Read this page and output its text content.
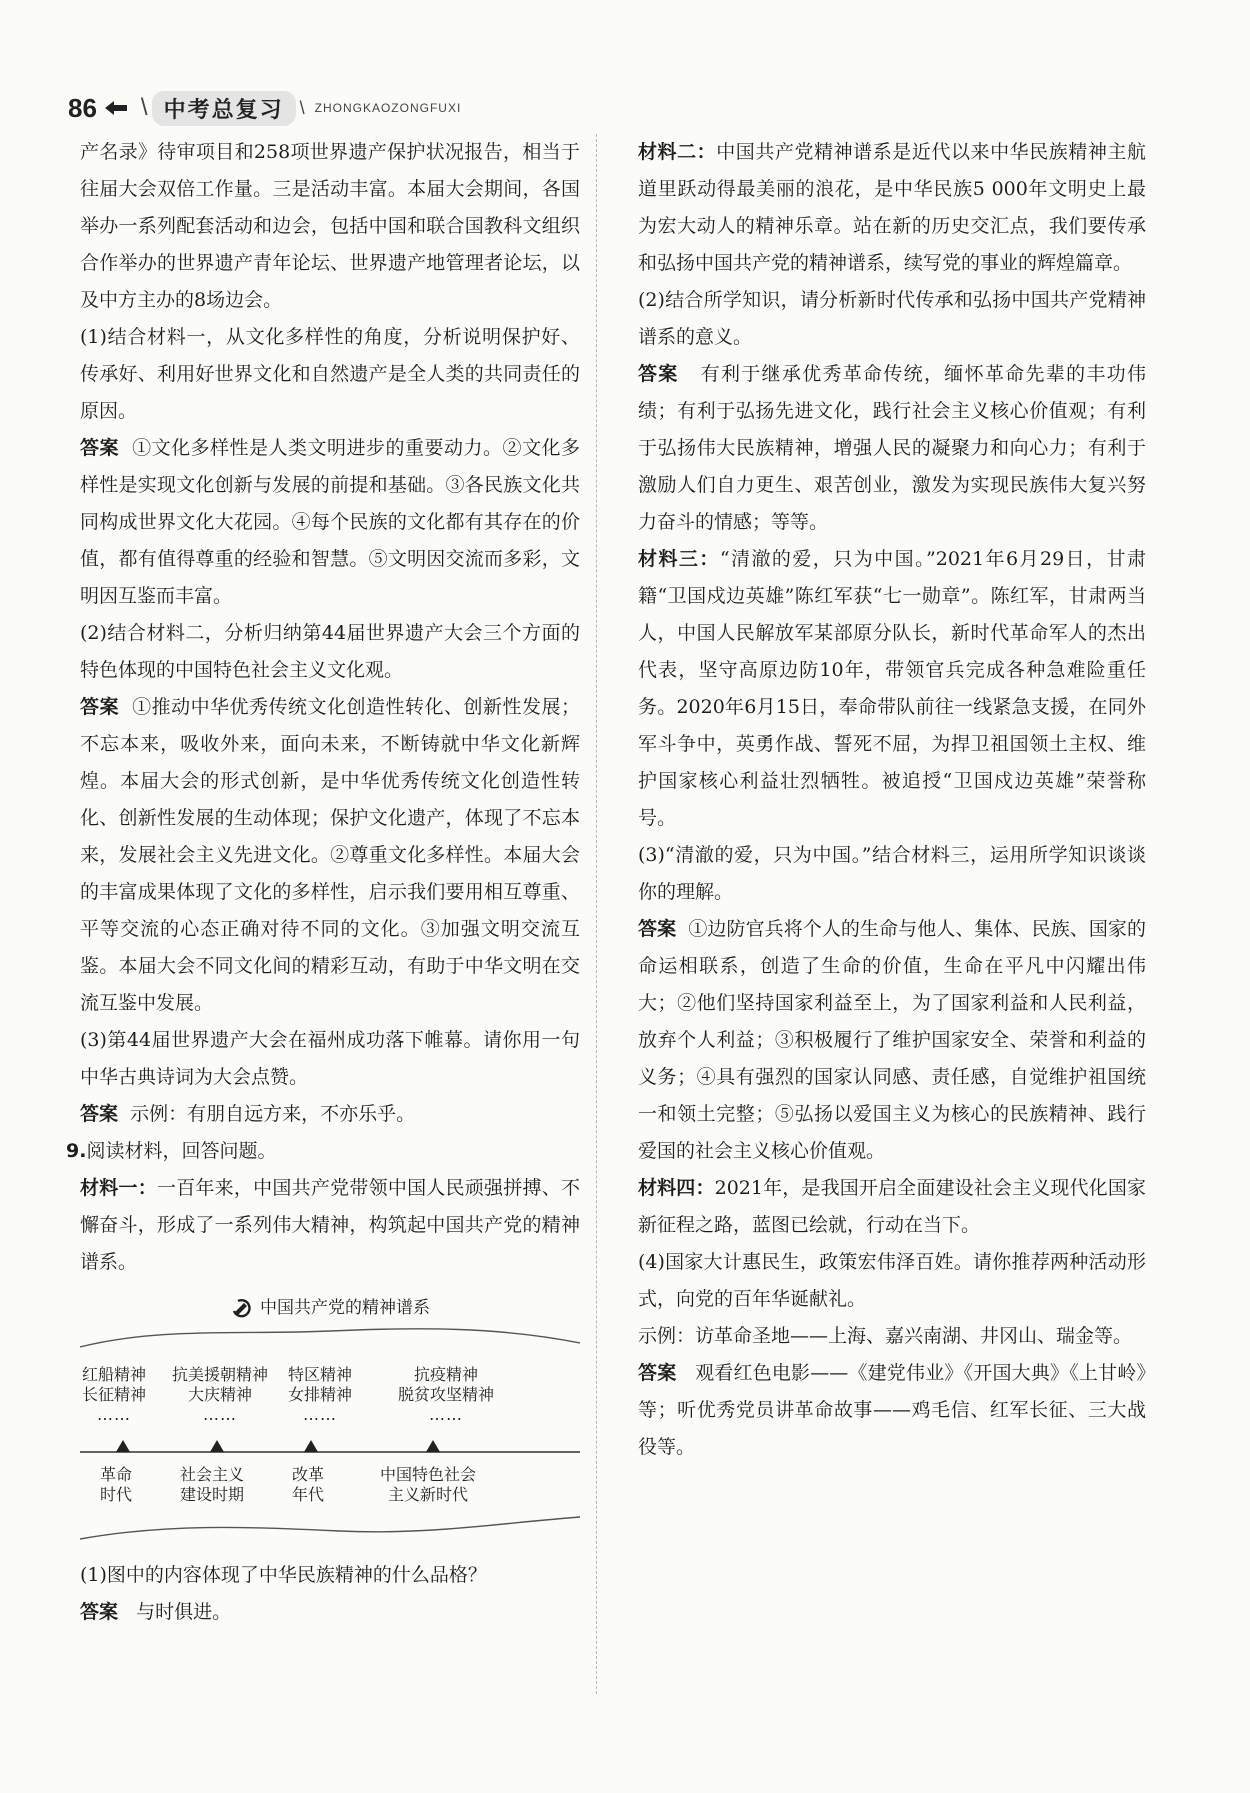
86 \ 中考总复习 \ ZHONGKAOZONGFUXI

产名录》待审项目和258项世界遗产保护状况报告，相当于往届大会双倍工作量。三是活动丰富。本届大会期间，各国举办一系列配套活动和边会，包括中国和联合国教科文组织合作举办的世界遗产青年论坛、世界遗产地管理者论坛，以及中方主办的8场边会。

(1)结合材料一，从文化多样性的角度，分析说明保护好、传承好、利用好世界文化和自然遗产是全人类的共同责任的原因。

答案 ①文化多样性是人类文明进步的重要动力。②文化多样性是实现文化创新与发展的前提和基础。③各民族文化共同构成世界文化大花园。④每个民族的文化都有其存在的价值，都有值得尊重的经验和智慧。⑤文明因交流而多彩，文明因互鉴而丰富。

(2)结合材料二，分析归纳第44届世界遗产大会三个方面的特色体现的中国特色社会主义文化观。

答案 ①推动中华优秀传统文化创造性转化、创新性发展；不忘本来，吸收外来，面向未来，不断铸就中华文化新辉煌。本届大会的形式创新，是中华优秀传统文化创造性转化、创新性发展的生动体现；保护文化遗产，体现了不忘本来，发展社会主义先进文化。②尊重文化多样性。本届大会的丰富成果体现了文化的多样性，启示我们要用相互尊重、平等交流的心态正确对待不同的文化。③加强文明交流互鉴。本届大会不同文化间的精彩互动，有助于中华文明在交流互鉴中发展。

(3)第44届世界遗产大会在福州成功落下帷幕。请你用一句中华古典诗词为大会点赞。

答案 示例：有朋自远方来，不亦乐乎。

9.阅读材料，回答问题。

材料一：一百年来，中国共产党带领中国人民顽强拼搏、不懈奋斗，形成了一系列伟大精神，构筑起中国共产党的精神谱系。

中国共产党的精神谱系
红船精神
长征精神
……
抗美援朝精神
大庆精神
……
特区精神
女排精神
……
抗疫精神
脱贫攻坚精神
……
革命
时代
社会主义
建设时期
改革
年代
中国特色社会
主义新时代

(1)图中的内容体现了中华民族精神的什么品格？

答案 与时俱进。

材料二：中国共产党精神谱系是近代以来中华民族精神主航道里跃动得最美丽的浪花，是中华民族5 000年文明史上最为宏大动人的精神乐章。站在新的历史交汇点，我们要传承和弘扬中国共产党的精神谱系，续写党的事业的辉煌篇章。

(2)结合所学知识，请分析新时代传承和弘扬中国共产党精神谱系的意义。

答案 有利于继承优秀革命传统，缅怀革命先辈的丰功伟绩；有利于弘扬先进文化，践行社会主义核心价值观；有利于弘扬伟大民族精神，增强人民的凝聚力和向心力；有利于激励人们自力更生、艰苦创业，激发为实现民族伟大复兴努力奋斗的情感；等等。

材料三：“清澈的爱，只为中国。”2021年6月29日，甘肃籍“卫国戍边英雄”陈红军获“七一勋章”。陈红军，甘肃两当人，中国人民解放军某部原分队长，新时代革命军人的杰出代表，坚守高原边防10年，带领官兵完成各种急难险重任务。2020年6月15日，奉命带队前往一线紧急支援，在同外军斗争中，英勇作战、誓死不屈，为捍卫祖国领土主权、维护国家核心利益壮烈牺牲。被追授“卫国戍边英雄”荣誉称号。

(3)“清澈的爱，只为中国。”结合材料三，运用所学知识谈谈你的理解。

答案 ①边防官兵将个人的生命与他人、集体、民族、国家的命运相联系，创造了生命的价值，生命在平凡中闪耀出伟大；②他们坚持国家利益至上，为了国家利益和人民利益，放弃个人利益；③积极履行了维护国家安全、荣誉和利益的义务；④具有强烈的国家认同感、责任感，自觉维护祖国统一和领土完整；⑤弘扬以爱国主义为核心的民族精神、践行爱国的社会主义核心价值观。

材料四：2021年，是我国开启全面建设社会主义现代化国家新征程之路，蓝图已绘就，行动在当下。

(4)国家大计惠民生，政策宏伟泽百姓。请你推荐两种活动形式，向党的百年华诞献礼。

示例：访革命圣地——上海、嘉兴南湖、井冈山、瑞金等。

答案 观看红色电影——《建党伟业》《开国大典》《上甘岭》等；听优秀党员讲革命故事——鸡毛信、红军长征、三大战役等。
